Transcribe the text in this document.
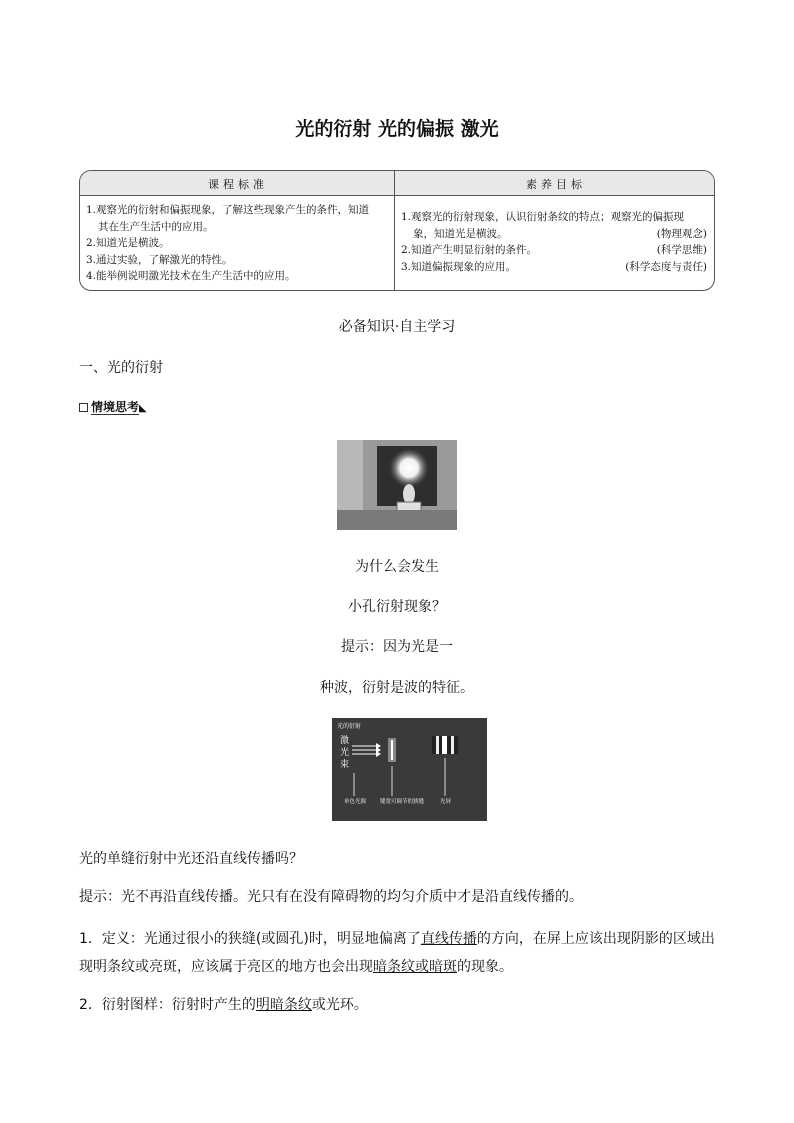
光的衍射 光的偏振 激光
课程标准	素养目标
1.观察光的衍射和偏振现象，了解这些现象产生的条件，知道
其在生产生活中的应用。
2.知道光是横波。
3.通过实验，了解激光的特性。
4.能举例说明激光技术在生产生活中的应用。
1.观察光的衍射现象，认识衍射条纹的特点；观察光的偏振现
象，知道光是横波。	(物理观念)
2.知道产生明显衍射的条件。	(科学思维)
3.知道偏振现象的应用。	(科学态度与责任)
必备知识·自主学习
一、光的衍射
情境思考◣
为什么会发生
小孔衍射现象？
提示：因为光是一
种波，衍射是波的特征。
光的衍射
激
光
束
单色光源	缝宽可调节的狭缝	光屏
光的单缝衍射中光还沿直线传播吗？
提示：光不再沿直线传播。光只有在没有障碍物的均匀介质中才是沿直线传播的。
1．定义：光通过很小的狭缝(或圆孔)时，明显地偏离了直线传播的方向，在屏上应该出现阴影的区域出现明条纹或亮斑，应该属于亮区的地方也会出现暗条纹或暗斑的现象。
2．衍射图样：衍射时产生的明暗条纹或光环。
